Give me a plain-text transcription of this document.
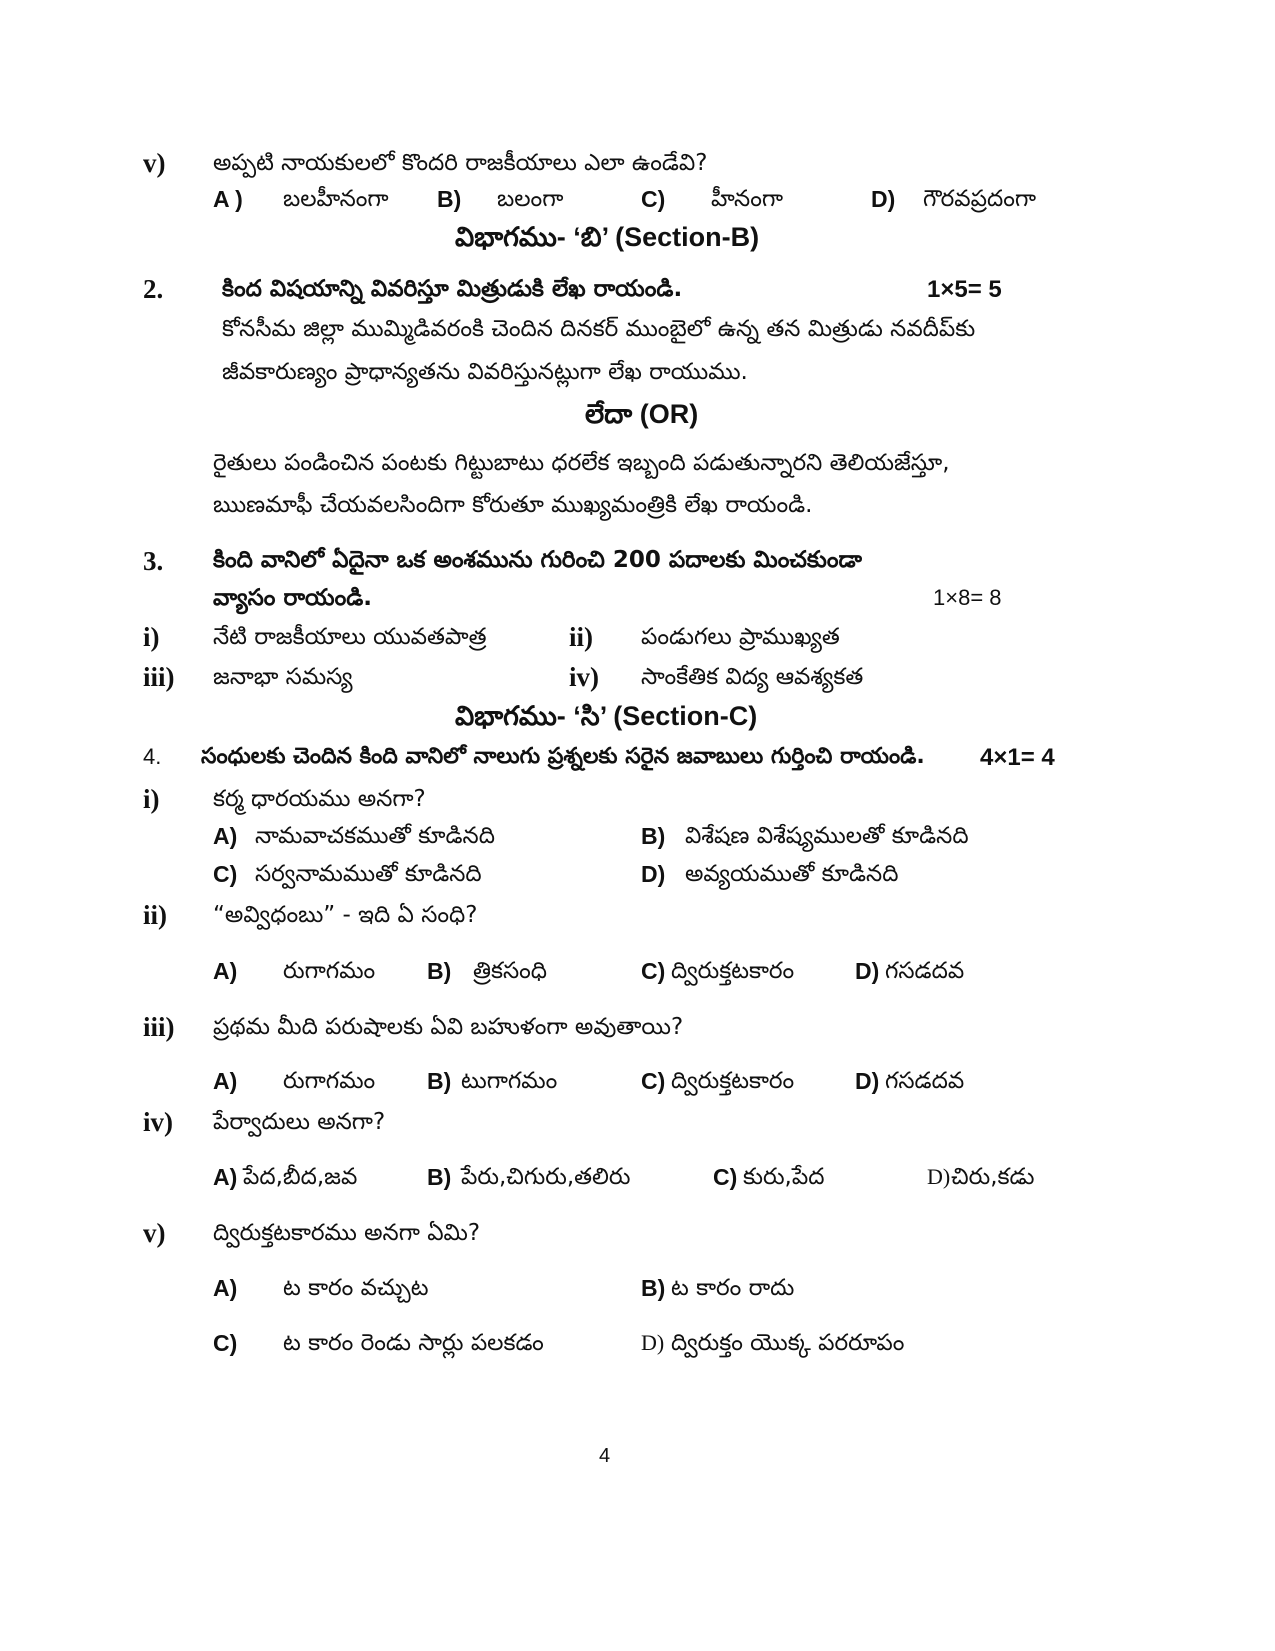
v) అప్పటి నాయకులలో కొందరి రాజకీయాలు ఎలా ఉండేవి?
A ) బలహీనంగా B) బలంగా	C) హీనంగా	D) గౌరవప్రదంగా
విభాగము- ‘బి’ (Section-B)
2.	కింద విషయాన్ని వివరిస్తూ మిత్రుడుకి లేఖ రాయండి.	1×5= 5
కోనసీమ జిల్లా ముమ్మిడివరంకి చెందిన దినకర్ ముంబైలో ఉన్న తన మిత్రుడు నవదీప్‌కు
జీవకారుణ్యం ప్రాధాన్యతను వివరిస్తునట్లుగా లేఖ రాయుము.
లేదా (OR)
రైతులు పండించిన పంటకు గిట్టుబాటు ధరలేక ఇబ్బంది పడుతున్నారని తెలియజేస్తూ,
ఋణమాఫీ చేయవలసిందిగా కోరుతూ ముఖ్యమంత్రికి లేఖ రాయండి.
3. కింది వానిలో ఏదైనా ఒక అంశమును గురించి 200 పదాలకు మించకుండా
వ్యాసం రాయండి.	1×8= 8
i) నేటి రాజకీయాలు యువతపాత్ర	ii) పండుగలు ప్రాముఖ్యత
iii) జనాభా సమస్య	iv) సాంకేతిక విద్య ఆవశ్యకత
విభాగము- ‘సి’ (Section-C)
4. సంధులకు చెందిన కింది వానిలో నాలుగు ప్రశ్నలకు సరైన జవాబులు గుర్తించి రాయండి. 4×1= 4
i) కర్మ ధారయము అనగా?
A) నామవాచకముతో కూడినది	B) విశేషణ విశేష్యములతో కూడినది
C) సర్వనామముతో కూడినది	D) అవ్యయముతో కూడినది
ii) “అవ్విధంబు” - ఇది ఏ సంధి?
A) రుగాగమం B) త్రికసంధి	C) ద్విరుక్తటకారం	D) గసడదవ
iii) ప్రథమ మీది పరుషాలకు ఏవి బహుళంగా అవుతాయి?
A) రుగాగమం B) టుగాగమం	C) ద్విరుక్తటకారం	D) గసడదవ
iv) పేర్వాదులు అనగా?
A) పేద,బీద,జవ	B) పేరు,చిగురు,తలిరు	C) కురు,పేద	D) చిరు,కడు
v) ద్విరుక్తటకారము అనగా ఏమి?
A) ట కారం వచ్చుట	B) ట కారం రాదు
C) ట కారం రెండు సార్లు పలకడం	D) ద్విరుక్తం యొక్క పరరూపం
4
